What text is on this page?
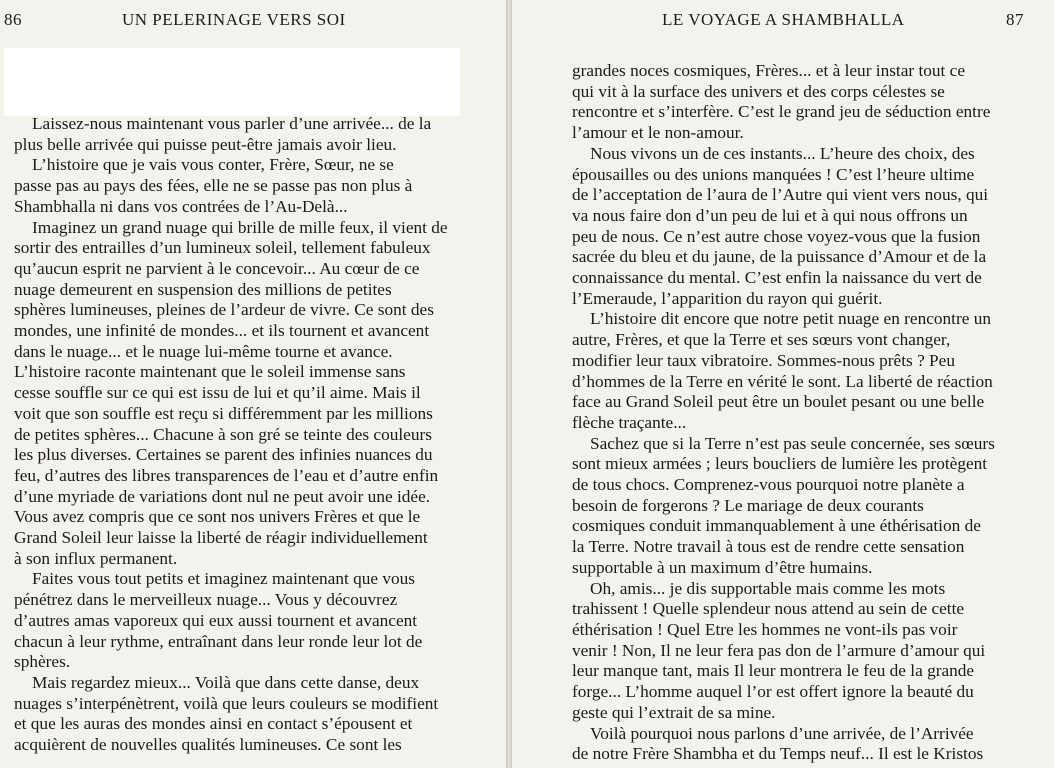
86	UN PELERINAGE VERS SOI

Laissez-nous maintenant vous parler d’une arrivée... de la
plus belle arrivée qui puisse peut-être jamais avoir lieu.

L’histoire que je vais vous conter, Frère, Sœur, ne se
passe pas au pays des fées, elle ne se passe pas non plus à
Shambhalla ni dans vos contrées de l’Au-Delà...

Imaginez un grand nuage qui brille de mille feux, il vient de
sortir des entrailles d’un lumineux soleil, tellement fabuleux
qu’aucun esprit ne parvient à le concevoir... Au cœur de ce
nuage demeurent en suspension des millions de petites
sphères lumineuses, pleines de l’ardeur de vivre. Ce sont des
mondes, une infinité de mondes... et ils tournent et avancent
dans le nuage... et le nuage lui-même tourne et avance.
L’histoire raconte maintenant que le soleil immense sans
cesse souffle sur ce qui est issu de lui et qu’il aime. Mais il
voit que son souffle est reçu si différemment par les millions
de petites sphères... Chacune à son gré se teinte des couleurs
les plus diverses. Certaines se parent des infinies nuances du
feu, d’autres des libres transparences de l’eau et d’autre enfin
d’une myriade de variations dont nul ne peut avoir une idée.
Vous avez compris que ce sont nos univers Frères et que le
Grand Soleil leur laisse la liberté de réagir individuellement
à son influx permanent.

Faites vous tout petits et imaginez maintenant que vous
pénétrez dans le merveilleux nuage... Vous y découvrez
d’autres amas vaporeux qui eux aussi tournent et avancent
chacun à leur rythme, entraînant dans leur ronde leur lot de
sphères.

Mais regardez mieux... Voilà que dans cette danse, deux
nuages s’interpénètrent, voilà que leurs couleurs se modifient
et que les auras des mondes ainsi en contact s’épousent et
acquièrent de nouvelles qualités lumineuses. Ce sont les

LE VOYAGE A SHAMBHALLA	87

grandes noces cosmiques, Frères... et à leur instar tout ce
qui vit à la surface des univers et des corps célestes se
rencontre et s’interfère. C’est le grand jeu de séduction entre
l’amour et le non-amour.

Nous vivons un de ces instants... L’heure des choix, des
épousailles ou des unions manquées ! C’est l’heure ultime
de l’acceptation de l’aura de l’Autre qui vient vers nous, qui
va nous faire don d’un peu de lui et à qui nous offrons un
peu de nous. Ce n’est autre chose voyez-vous que la fusion
sacrée du bleu et du jaune, de la puissance d’Amour et de la
connaissance du mental. C’est enfin la naissance du vert de
l’Emeraude, l’apparition du rayon qui guérit.

L’histoire dit encore que notre petit nuage en rencontre un
autre, Frères, et que la Terre et ses sœurs vont changer,
modifier leur taux vibratoire. Sommes-nous prêts ? Peu
d’hommes de la Terre en vérité le sont. La liberté de réaction
face au Grand Soleil peut être un boulet pesant ou une belle
flèche traçante...

Sachez que si la Terre n’est pas seule concernée, ses sœurs
sont mieux armées ; leurs boucliers de lumière les protègent
de tous chocs. Comprenez-vous pourquoi notre planète a
besoin de forgerons ? Le mariage de deux courants
cosmiques conduit immanquablement à une éthérisation de
la Terre. Notre travail à tous est de rendre cette sensation
supportable à un maximum d’être humains.

Oh, amis... je dis supportable mais comme les mots
trahissent ! Quelle splendeur nous attend au sein de cette
éthérisation ! Quel Etre les hommes ne vont-ils pas voir
venir ! Non, Il ne leur fera pas don de l’armure d’amour qui
leur manque tant, mais Il leur montrera le feu de la grande
forge... L’homme auquel l’or est offert ignore la beauté du
geste qui l’extrait de sa mine.

Voilà pourquoi nous parlons d’une arrivée, de l’Arrivée
de notre Frère Shambha et du Temps neuf... Il est le Kristos
